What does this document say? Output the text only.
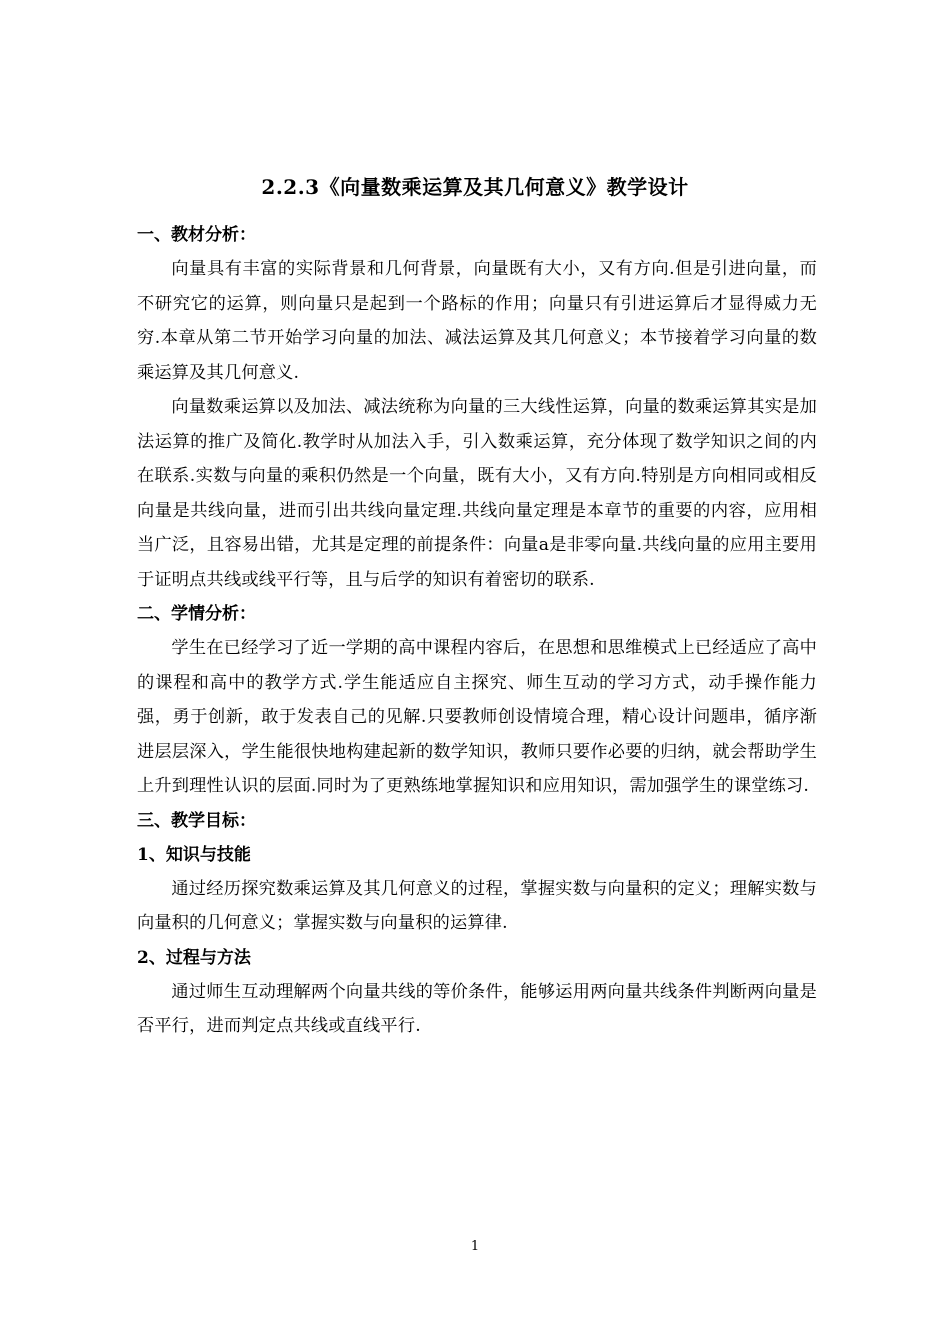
2.2.3《向量数乘运算及其几何意义》教学设计

一、教材分析：

向量具有丰富的实际背景和几何背景，向量既有大小，又有方向.但是引进向量，而不研究它的运算，则向量只是起到一个路标的作用；向量只有引进运算后才显得威力无穷.本章从第二节开始学习向量的加法、减法运算及其几何意义；本节接着学习向量的数乘运算及其几何意义.

向量数乘运算以及加法、减法统称为向量的三大线性运算，向量的数乘运算其实是加法运算的推广及简化.教学时从加法入手，引入数乘运算，充分体现了数学知识之间的内在联系.实数与向量的乘积仍然是一个向量，既有大小，又有方向.特别是方向相同或相反向量是共线向量，进而引出共线向量定理.共线向量定理是本章节的重要的内容，应用相当广泛，且容易出错，尤其是定理的前提条件：向量a是非零向量.共线向量的应用主要用于证明点共线或线平行等，且与后学的知识有着密切的联系.

二、学情分析：

学生在已经学习了近一学期的高中课程内容后，在思想和思维模式上已经适应了高中的课程和高中的教学方式.学生能适应自主探究、师生互动的学习方式，动手操作能力强，勇于创新，敢于发表自己的见解.只要教师创设情境合理，精心设计问题串，循序渐进层层深入，学生能很快地构建起新的数学知识，教师只要作必要的归纳，就会帮助学生上升到理性认识的层面.同时为了更熟练地掌握知识和应用知识，需加强学生的课堂练习.

三、教学目标：

1、知识与技能

通过经历探究数乘运算及其几何意义的过程，掌握实数与向量积的定义；理解实数与向量积的几何意义；掌握实数与向量积的运算律.

2、过程与方法

通过师生互动理解两个向量共线的等价条件，能够运用两向量共线条件判断两向量是否平行，进而判定点共线或直线平行.

1
